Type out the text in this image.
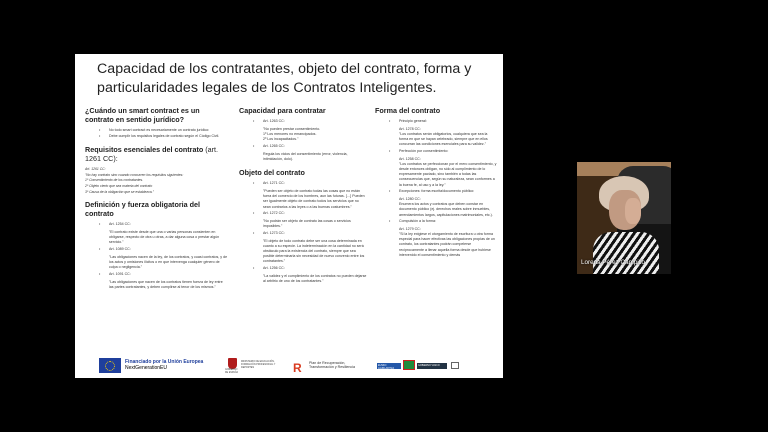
Capacidad de los contratantes, objeto del contrato, forma y particularidades legales de los Contratos Inteligentes.
¿Cuándo un smart contract es un contrato en sentido jurídico?
• No todo smart contract es necesariamente un contrato jurídico:
• Debe cumplir los requisitos legales de contrato según el Código Civil.
Requisitos esenciales del contrato (art. 1261 CC):
Art. 1261 CC:
"No hay contrato sino cuando concurren los requisitos siguientes:
1º Consentimiento de los contratantes.
2º Objeto cierto que sea materia del contrato
3º Causa de la obligación que se establezca."
Definición y fuerza obligatoria del contrato
• Art. 1254 CC:
"El contrato existe desde que una o varias personas consienten en obligarse, respecto de otra u otras, a dar alguna cosa o prestar algún servicio."
• Art. 1089 CC:
"Las obligaciones nacen de la ley, de los contratos, y cuasi contratos, y de los actos y omisiones ilícitos o en que intervenga cualquier género de culpa o negligencia."
• Art. 1091 CC:
"Las obligaciones que nacen de los contratos tienen fuerza de ley entre las partes contratantes, y deben cumplirse al tenor de los mismos."
Capacidad para contratar
• Art. 1263 CC:
"No pueden prestar consentimiento.
1º Los menores no emancipados.
2º Los incapacitados."
• Art. 1265 CC:
Regula los vicios del consentimiento (error, violencia, intimidación, dolo).
Objeto del contrato
• Art. 1271 CC:
"Pueden ser objeto de contrato todas las cosas que no están fuera del comercio de los hombres, aun las futuras. […] Pueden ser igualmente objeto de contrato todos los servicios que no sean contrarios a las leyes o a las buenas costumbres."
• Art. 1272 CC:
"No podrán ser objeto de contrato las cosas o servicios imposibles."
• Art. 1273 CC:
"El objeto de todo contrato debe ser una cosa determinada en cuanto a su especie. La indeterminación en la cantidad no será obstáculo para la existencia del contrato, siempre que sea posible determinarla sin necesidad de nuevo convenio entre los contratantes."
• Art. 1256 CC:
"La validez y el cumplimiento de los contratos no pueden dejarse al arbitrio de uno de los contratantes."
Forma del contrato
• Principio general:
Art. 1278 CC:
"Los contratos serán obligatorios, cualquiera que sea la forma en que se hayan celebrado, siempre que en ellos concurran las condiciones esenciales para su validez."
• Perfección por consentimiento:
Art. 1258 CC:
"Los contratos se perfeccionan por el mero consentimiento, y desde entonces obligan, no sólo al cumplimiento de lo expresamente pactado, sino también a todas las consecuencias que, según su naturaleza, sean conformes a la buena fe, al uso y a la ley."
• Excepciones: forma escrita/documento público:
Art. 1280 CC:
Enumera los actos y contratos que deben constar en documento público (ej. derechos reales sobre inmuebles, arrendamientos largos, capitulaciones matrimoniales, etc.).
• Compulsión a la forma:
Art. 1279 CC:
"Si la ley exigiese el otorgamiento de escritura u otra forma especial para hacer efectivas las obligaciones propias de un contrato, los contratantes podrán compelerse recíprocamente a llenar aquella forma desde que hubiese intervenido el consentimiento y demás
Financiado por la Unión Europea
NextGenerationEU	GOBIERNO DE ESPAÑA
MINISTERIO DE EDUCACIÓN, FORMACIÓN PROFESIONAL Y DEPORTES	R	Plan de Recuperación,
Transformación y Resiliencia	EUSKO JAURLARITZA
GOBIERNO VASCO
Lorena Pérez Campillo
